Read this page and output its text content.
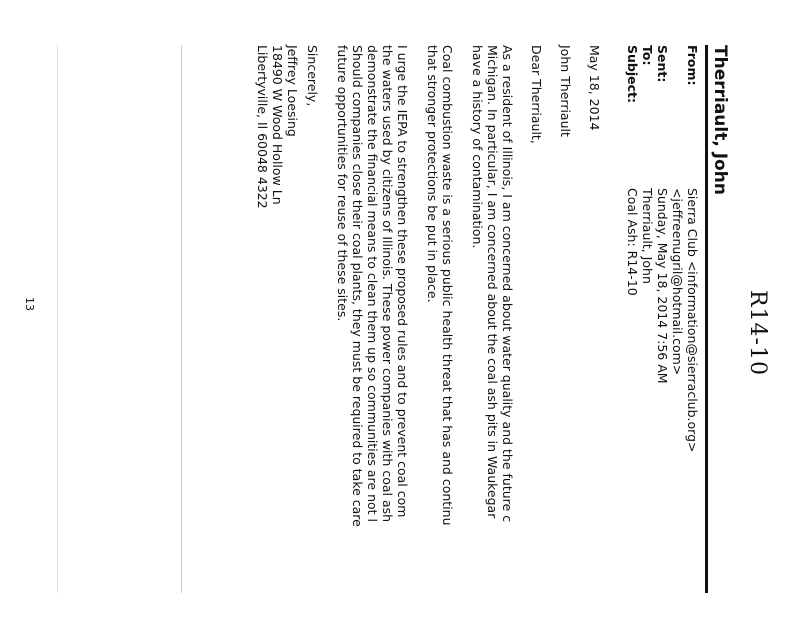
R14-10
Therriault, John
From:
Sierra Club <information@sierraclub.org>
<jeffreenugril@hotmail.com>
Sent:
Sunday, May 18, 2014 7:56 AM
To:
Therriault, John
Subject:
Coal Ash: R14-10
May 18, 2014
John Therriault
Dear Therriault,
As a resident of Illinois, I am concerned about water quality and the future c
Michigan. In particular, I am concerned about the coal ash pits in Waukegar
have a history of contamination.
Coal combustion waste is a serious public health threat that has and continu
that stronger protections be put in place.
I urge the IEPA to strengthen these proposed rules and to prevent coal com
the waters used by citizens of Illinois. These power companies with coal ash
demonstrate the financial means to clean them up so communities are not l
Should companies close their coal plants, they must be required to take care
future opportunities for reuse of these sites.
Sincerely,
Jeffrey Loesing
18490 W Wood Hollow Ln
Libertyville, Il 60048 4322
13
